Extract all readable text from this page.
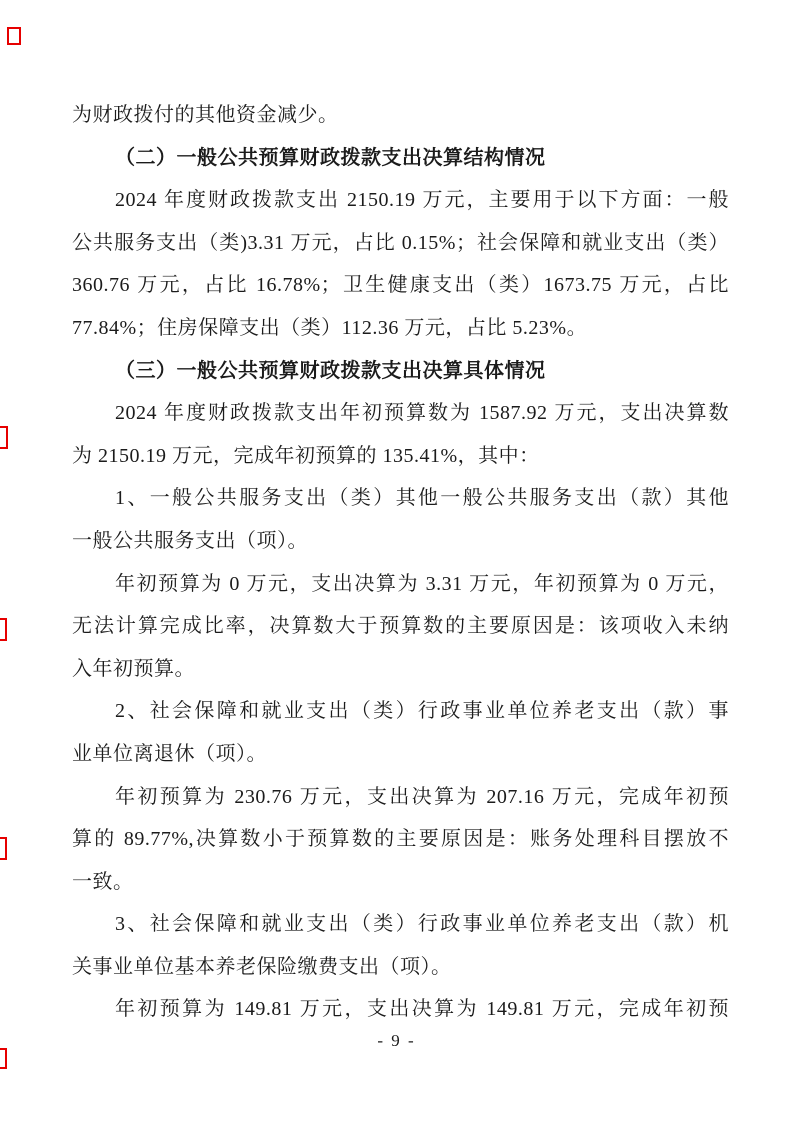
为财政拨付的其他资金减少。
（二）一般公共预算财政拨款支出决算结构情况
2024 年度财政拨款支出 2150.19 万元，主要用于以下方面：一般
公共服务支出（类)3.31 万元，占比 0.15%；社会保障和就业支出（类）
360.76 万元，占比 16.78%；卫生健康支出（类）1673.75 万元，占比
77.84%；住房保障支出（类）112.36 万元，占比 5.23%。
（三）一般公共预算财政拨款支出决算具体情况
2024 年度财政拨款支出年初预算数为 1587.92 万元，支出决算数
为 2150.19 万元，完成年初预算的 135.41%，其中：
1、一般公共服务支出（类）其他一般公共服务支出（款）其他
一般公共服务支出（项）。
年初预算为 0 万元，支出决算为 3.31 万元，年初预算为 0 万元，
无法计算完成比率，决算数大于预算数的主要原因是：该项收入未纳
入年初预算。
2、社会保障和就业支出（类）行政事业单位养老支出（款）事
业单位离退休（项）。
年初预算为 230.76 万元，支出决算为 207.16 万元，完成年初预
算的 89.77%,决算数小于预算数的主要原因是：账务处理科目摆放不
一致。
3、社会保障和就业支出（类）行政事业单位养老支出（款）机
关事业单位基本养老保险缴费支出（项）。
年初预算为 149.81 万元，支出决算为 149.81 万元，完成年初预
- 9 -
